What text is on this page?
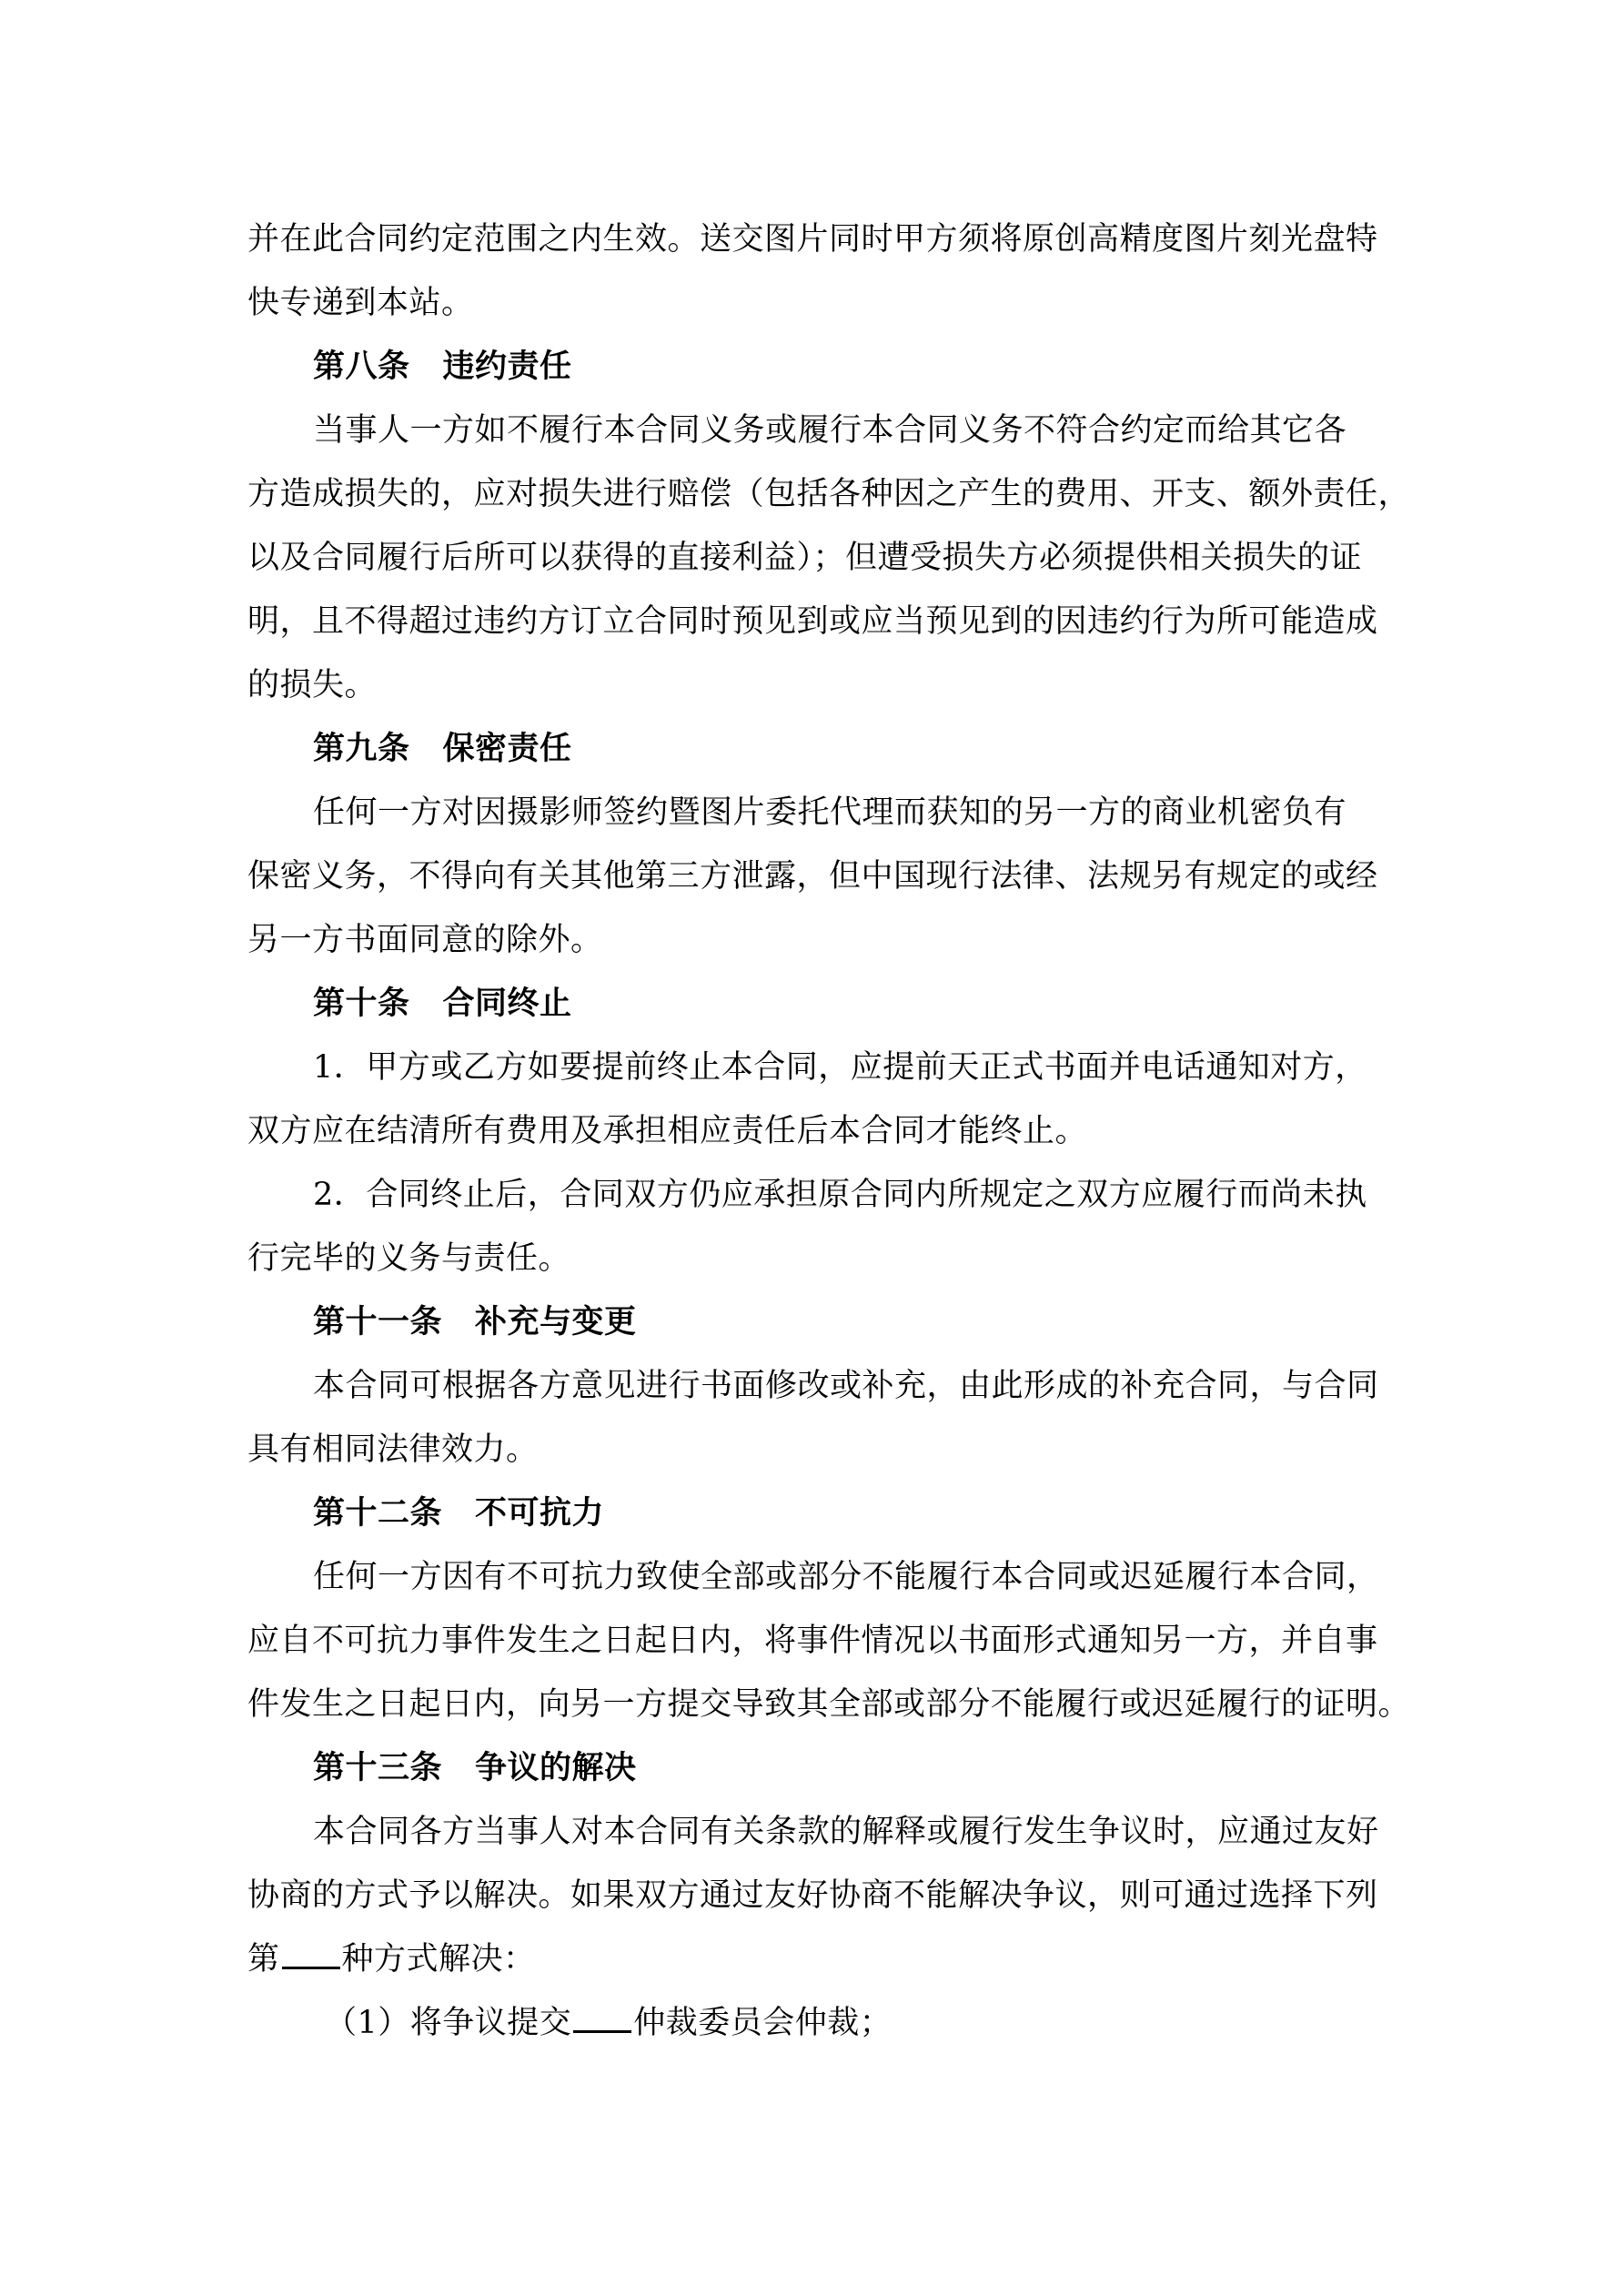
并在此合同约定范围之内生效。送交图片同时甲方须将原创高精度图片刻光盘特

快专递到本站。

第八条 违约责任

当事人一方如不履行本合同义务或履行本合同义务不符合约定而给其它各

方造成损失的，应对损失进行赔偿（包括各种因之产生的费用、开支、额外责任，

以及合同履行后所可以获得的直接利益）；但遭受损失方必须提供相关损失的证

明，且不得超过违约方订立合同时预见到或应当预见到的因违约行为所可能造成

的损失。

第九条 保密责任

任何一方对因摄影师签约暨图片委托代理而获知的另一方的商业机密负有

保密义务，不得向有关其他第三方泄露，但中国现行法律、法规另有规定的或经

另一方书面同意的除外。

第十条 合同终止

1．甲方或乙方如要提前终止本合同，应提前天正式书面并电话通知对方，

双方应在结清所有费用及承担相应责任后本合同才能终止。

2．合同终止后，合同双方仍应承担原合同内所规定之双方应履行而尚未执

行完毕的义务与责任。

第十一条 补充与变更

本合同可根据各方意见进行书面修改或补充，由此形成的补充合同，与合同

具有相同法律效力。

第十二条 不可抗力

任何一方因有不可抗力致使全部或部分不能履行本合同或迟延履行本合同，

应自不可抗力事件发生之日起日内，将事件情况以书面形式通知另一方，并自事

件发生之日起日内，向另一方提交导致其全部或部分不能履行或迟延履行的证明。

第十三条 争议的解决

本合同各方当事人对本合同有关条款的解释或履行发生争议时，应通过友好

协商的方式予以解决。如果双方通过友好协商不能解决争议，则可通过选择下列

第 种方式解决：

（1）将争议提交 仲裁委员会仲裁；
